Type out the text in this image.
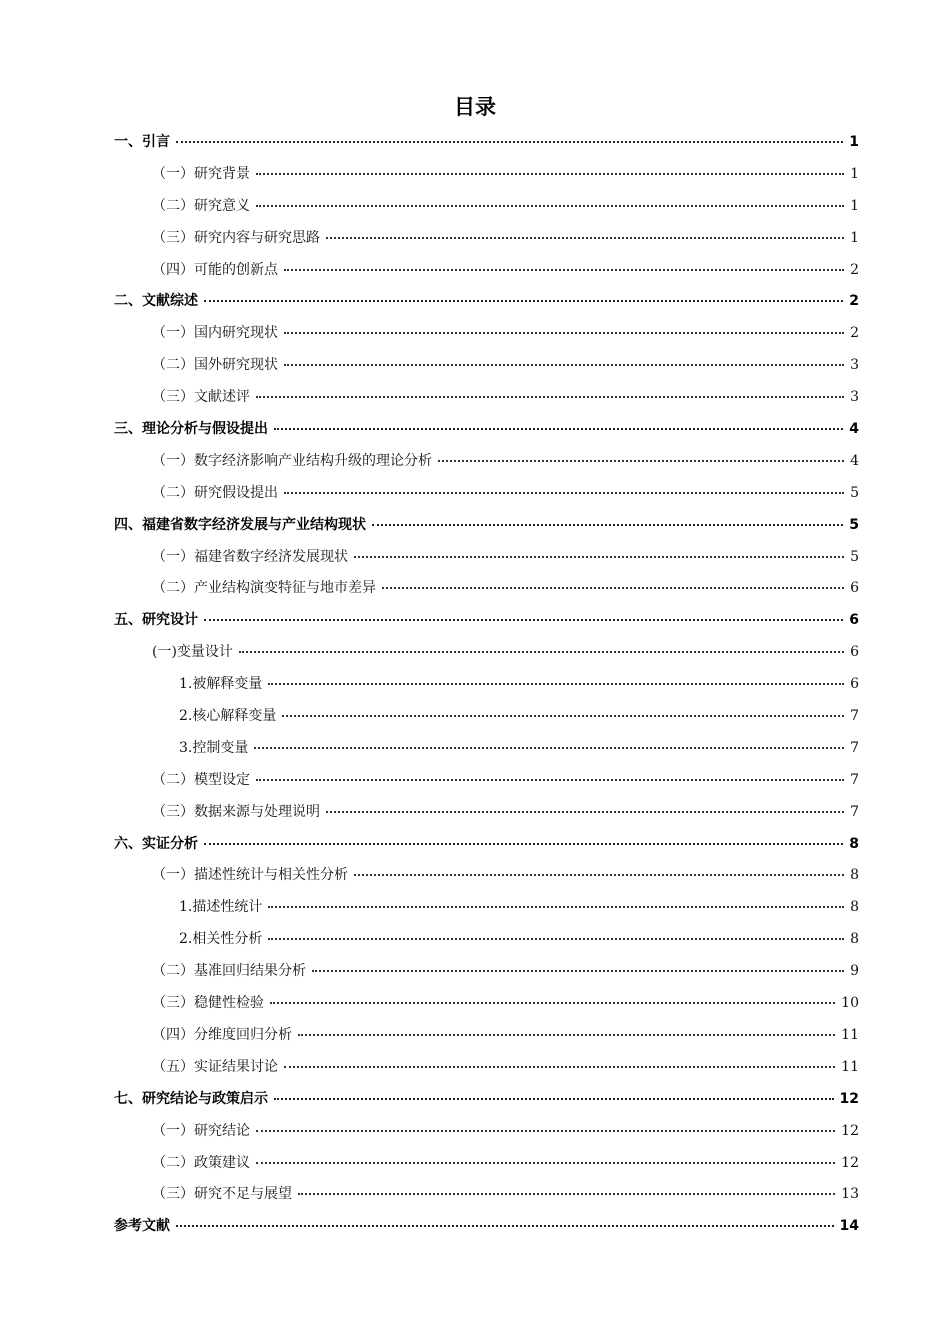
目录
一、引言	1
（一）研究背景	1
（二）研究意义	1
（三）研究内容与研究思路	1
（四）可能的创新点	2
二、文献综述	2
（一）国内研究现状	2
（二）国外研究现状	3
（三）文献述评	3
三、理论分析与假设提出	4
（一）数字经济影响产业结构升级的理论分析	4
（二）研究假设提出	5
四、福建省数字经济发展与产业结构现状	5
（一）福建省数字经济发展现状	5
（二）产业结构演变特征与地市差异	6
五、研究设计	6
(一)变量设计	6
1.被解释变量	6
2.核心解释变量	7
3.控制变量	7
（二）模型设定	7
（三）数据来源与处理说明	7
六、实证分析	8
（一）描述性统计与相关性分析	8
1.描述性统计	8
2.相关性分析	8
（二）基准回归结果分析	9
（三）稳健性检验	10
（四）分维度回归分析	11
（五）实证结果讨论	11
七、研究结论与政策启示	12
（一）研究结论	12
（二）政策建议	12
（三）研究不足与展望	13
参考文献	14
